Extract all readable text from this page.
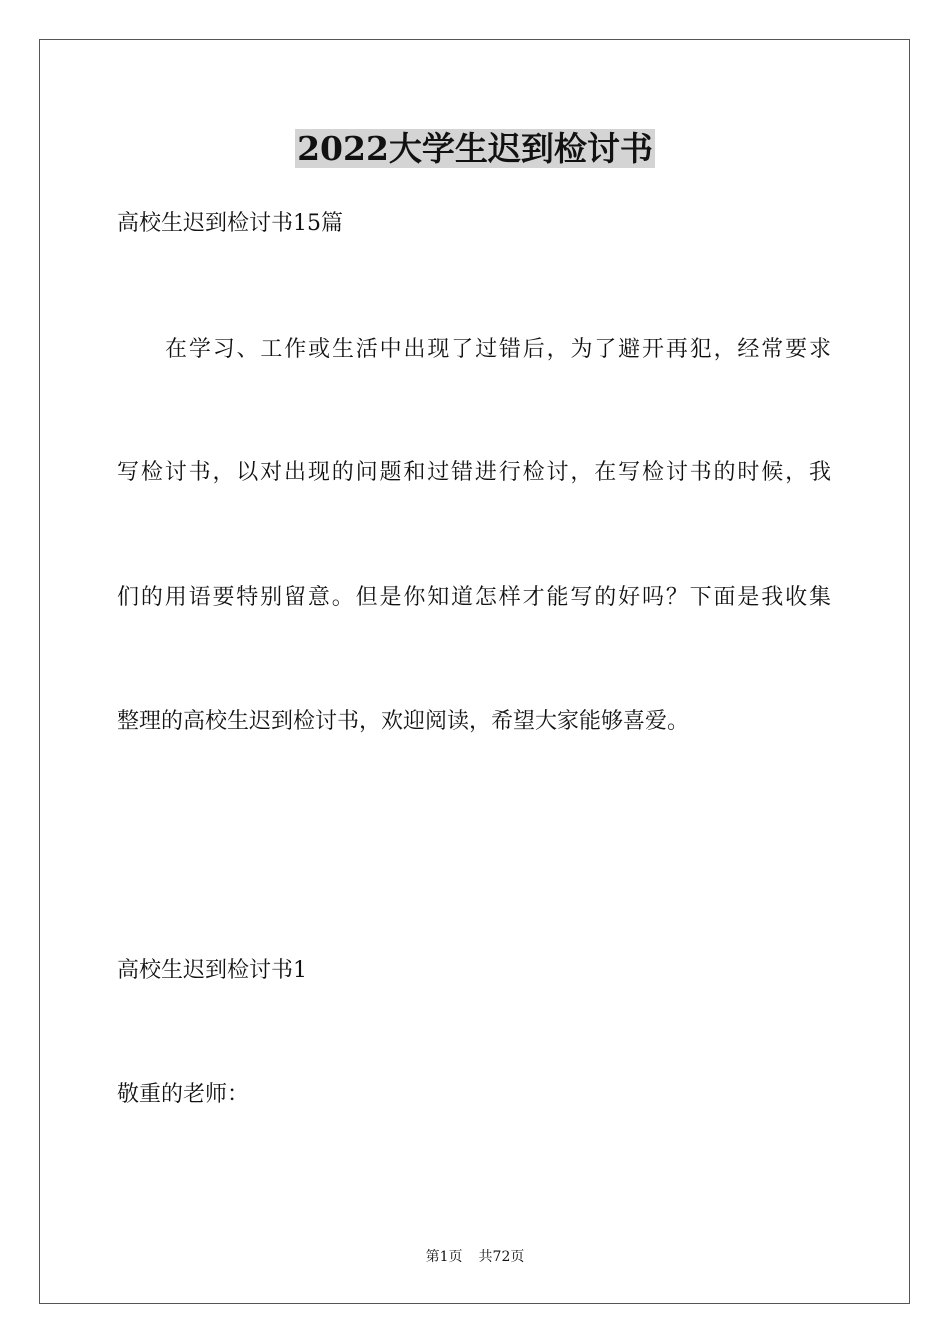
2022大学生迟到检讨书

高校生迟到检讨书15篇

在学习、工作或生活中出现了过错后，为了避开再犯，经常要求

写检讨书，以对出现的问题和过错进行检讨，在写检讨书的时候，我

们的用语要特别留意。但是你知道怎样才能写的好吗？下面是我收集

整理的高校生迟到检讨书，欢迎阅读，希望大家能够喜爱。

高校生迟到检讨书1

敬重的老师：

第1页 共72页
